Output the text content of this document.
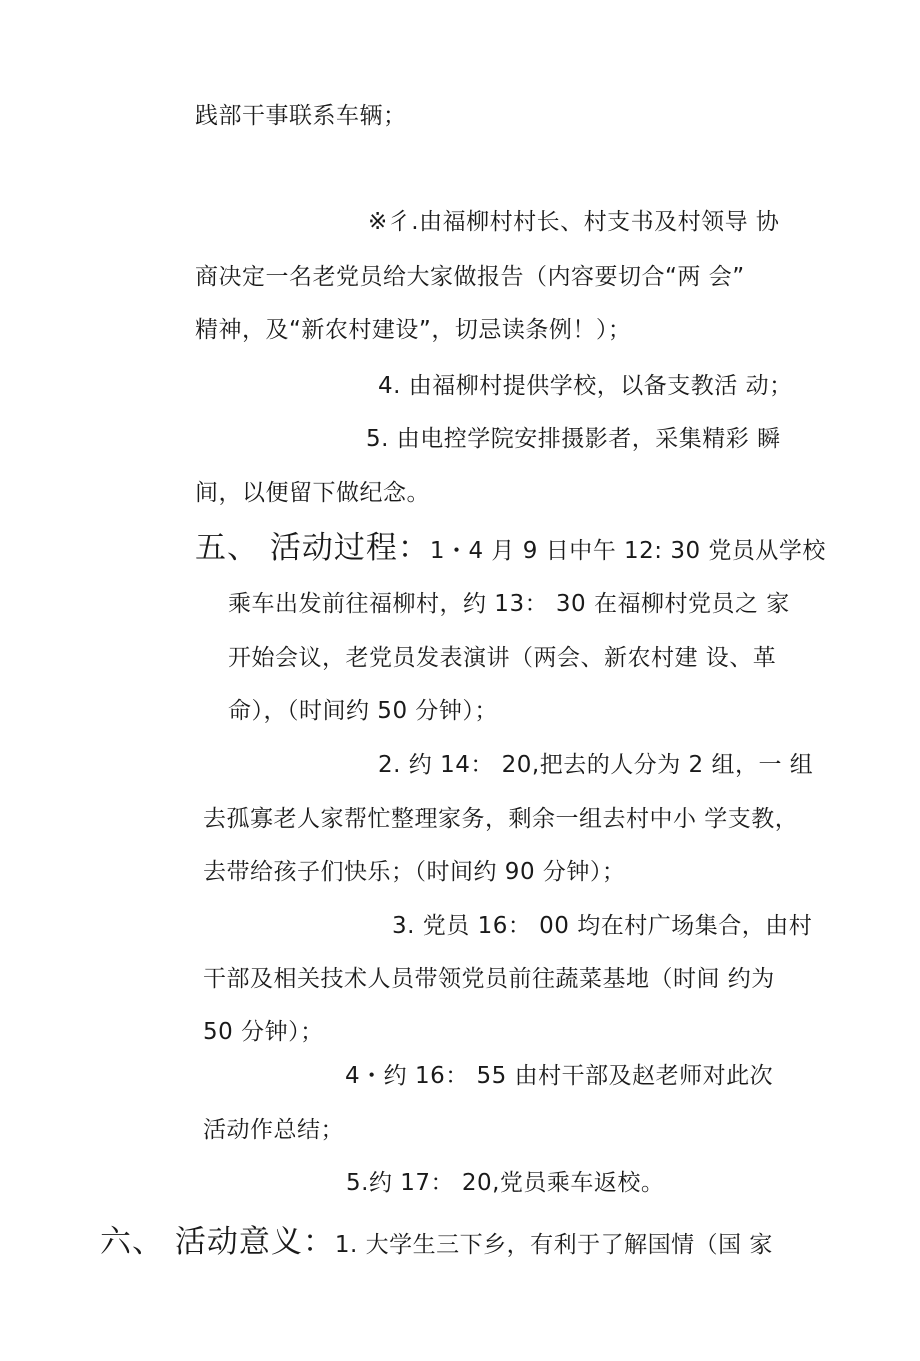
践部干事联系车辆；
※彳.由福柳村村长、村支书及村领导 协
商决定一名老党员给大家做报告（内容要切合“两 会”
精神，及“新农村建设”，切忌读条例！）；
4. 由福柳村提供学校，以备支教活 动；
5. 由电控学院安排摄影者，采集精彩 瞬
间，以便留下做纪念。
五、 活动过程：1・4 月 9 日中午 12: 30 党员从学校
乘车出发前往福柳村，约 13： 30 在福柳村党员之 家
开始会议，老党员发表演讲（两会、新农村建 设、革
命），（时间约 50 分钟）；
2. 约 14： 20,把去的人分为 2 组，一 组
去孤寡老人家帮忙整理家务，剩余一组去村中小 学支教，
去带给孩子们快乐；（时间约 90 分钟）；
3. 党员 16： 00 均在村广场集合，由村
干部及相关技术人员带领党员前往蔬菜基地（时间 约为
50 分钟）；
4・约 16： 55 由村干部及赵老师对此次
活动作总结；
5.约 17： 20,党员乘车返校。
六、 活动意义：1. 大学生三下乡，有利于了解国情（国 家
